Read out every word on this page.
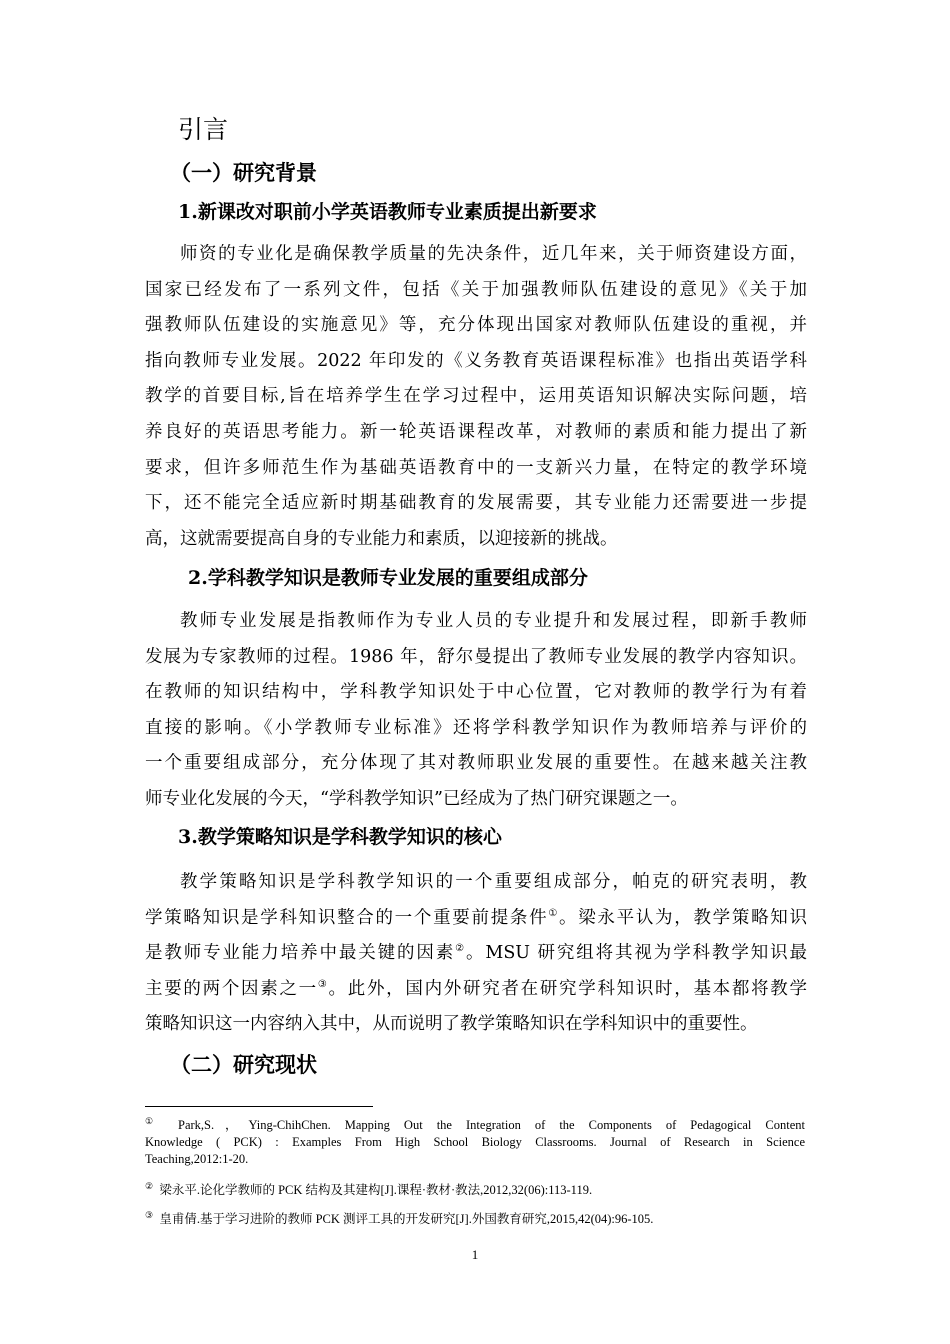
引言
（一）研究背景
1.新课改对职前小学英语教师专业素质提出新要求
师资的专业化是确保教学质量的先决条件，近几年来，关于师资建设方面，
国家已经发布了一系列文件，包括《关于加强教师队伍建设的意见》《关于加
强教师队伍建设的实施意见》等，充分体现出国家对教师队伍建设的重视，并
指向教师专业发展。2022 年印发的《义务教育英语课程标准》也指出英语学科
教学的首要目标,旨在培养学生在学习过程中，运用英语知识解决实际问题，培
养良好的英语思考能力。新一轮英语课程改革，对教师的素质和能力提出了新
要求，但许多师范生作为基础英语教育中的一支新兴力量，在特定的教学环境
下，还不能完全适应新时期基础教育的发展需要，其专业能力还需要进一步提
高，这就需要提高自身的专业能力和素质，以迎接新的挑战。
2.学科教学知识是教师专业发展的重要组成部分
教师专业发展是指教师作为专业人员的专业提升和发展过程，即新手教师
发展为专家教师的过程。1986 年，舒尔曼提出了教师专业发展的教学内容知识。
在教师的知识结构中，学科教学知识处于中心位置，它对教师的教学行为有着
直接的影响。《小学教师专业标准》还将学科教学知识作为教师培养与评价的
一个重要组成部分，充分体现了其对教师职业发展的重要性。在越来越关注教
师专业化发展的今天，“学科教学知识”已经成为了热门研究课题之一。
3.教学策略知识是学科教学知识的核心
教学策略知识是学科教学知识的一个重要组成部分，帕克的研究表明，教
学策略知识是学科知识整合的一个重要前提条件①。梁永平认为，教学策略知识
是教师专业能力培养中最关键的因素②。MSU 研究组将其视为学科教学知识最
主要的两个因素之一③。此外，国内外研究者在研究学科知识时，基本都将教学
策略知识这一内容纳入其中，从而说明了教学策略知识在学科知识中的重要性。
（二）研究现状
① Park,S.，Ying-ChihChen. Mapping Out the Integration of the Components of Pedagogical Content
Knowledge ( PCK) : Examples From High School Biology Classrooms. Journal of Research in Science
Teaching,2012:1-20.
② 梁永平.论化学教师的 PCK 结构及其建构[J].课程·教材·教法,2012,32(06):113-119.
③ 皇甫倩.基于学习进阶的教师 PCK 测评工具的开发研究[J].外国教育研究,2015,42(04):96-105.
1
